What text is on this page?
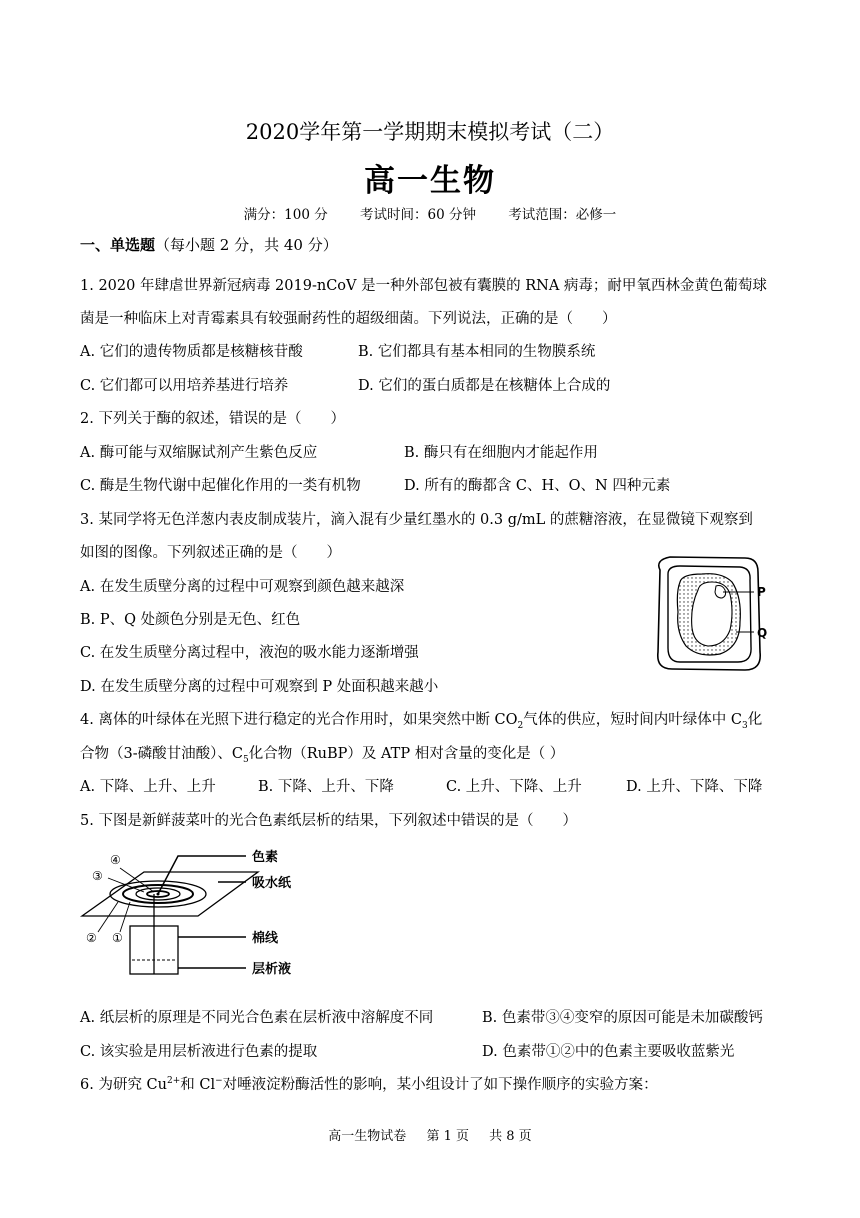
2020学年第一学期期末模拟考试（二）
高一生物
满分：100 分 考试时间：60 分钟 考试范围：必修一
一、单选题（每小题 2 分，共 40 分）
1. 2020 年肆虐世界新冠病毒 2019-nCoV 是一种外部包被有囊膜的 RNA 病毒；耐甲氧西林金黄色葡萄球
菌是一种临床上对青霉素具有较强耐药性的超级细菌。下列说法，正确的是（　　）
A. 它们的遗传物质都是核糖核苷酸	B. 它们都具有基本相同的生物膜系统
C. 它们都可以用培养基进行培养	D. 它们的蛋白质都是在核糖体上合成的
2. 下列关于酶的叙述，错误的是（　　）
A. 酶可能与双缩脲试剂产生紫色反应	B. 酶只有在细胞内才能起作用
C. 酶是生物代谢中起催化作用的一类有机物	D. 所有的酶都含 C、H、O、N 四种元素
3. 某同学将无色洋葱内表皮制成装片，滴入混有少量红墨水的 0.3 g/mL 的蔗糖溶液，在显微镜下观察到
如图的图像。下列叙述正确的是（　　）
A. 在发生质壁分离的过程中可观察到颜色越来越深
B. P、Q 处颜色分别是无色、红色
C. 在发生质壁分离过程中，液泡的吸水能力逐渐增强
D. 在发生质壁分离的过程中可观察到 P 处面积越来越小
P
Q
4. 离体的叶绿体在光照下进行稳定的光合作用时，如果突然中断 $CO_2$气体的供应，短时间内叶绿体中 $C_3$化
合物（3-磷酸甘油酸）、$C_5$化合物（RuBP）及 ATP 相对含量的变化是（ ）
A. 下降、上升、上升	B. 下降、上升、下降	C. 上升、下降、上升	D. 上升、下降、下降
5. 下图是新鲜菠菜叶的光合色素纸层析的结果，下列叙述中错误的是（　　）
色素
吸水纸
棉线
层析液
④
③
② ①
A. 纸层析的原理是不同光合色素在层析液中溶解度不同	B. 色素带③④变窄的原因可能是未加碳酸钙
C. 该实验是用层析液进行色素的提取	D. 色素带①②中的色素主要吸收蓝紫光
6. 为研究 $Cu^{2+}$和 Cl−对唾液淀粉酶活性的影响，某小组设计了如下操作顺序的实验方案：
高一生物试卷 第 1 页 共 8 页
